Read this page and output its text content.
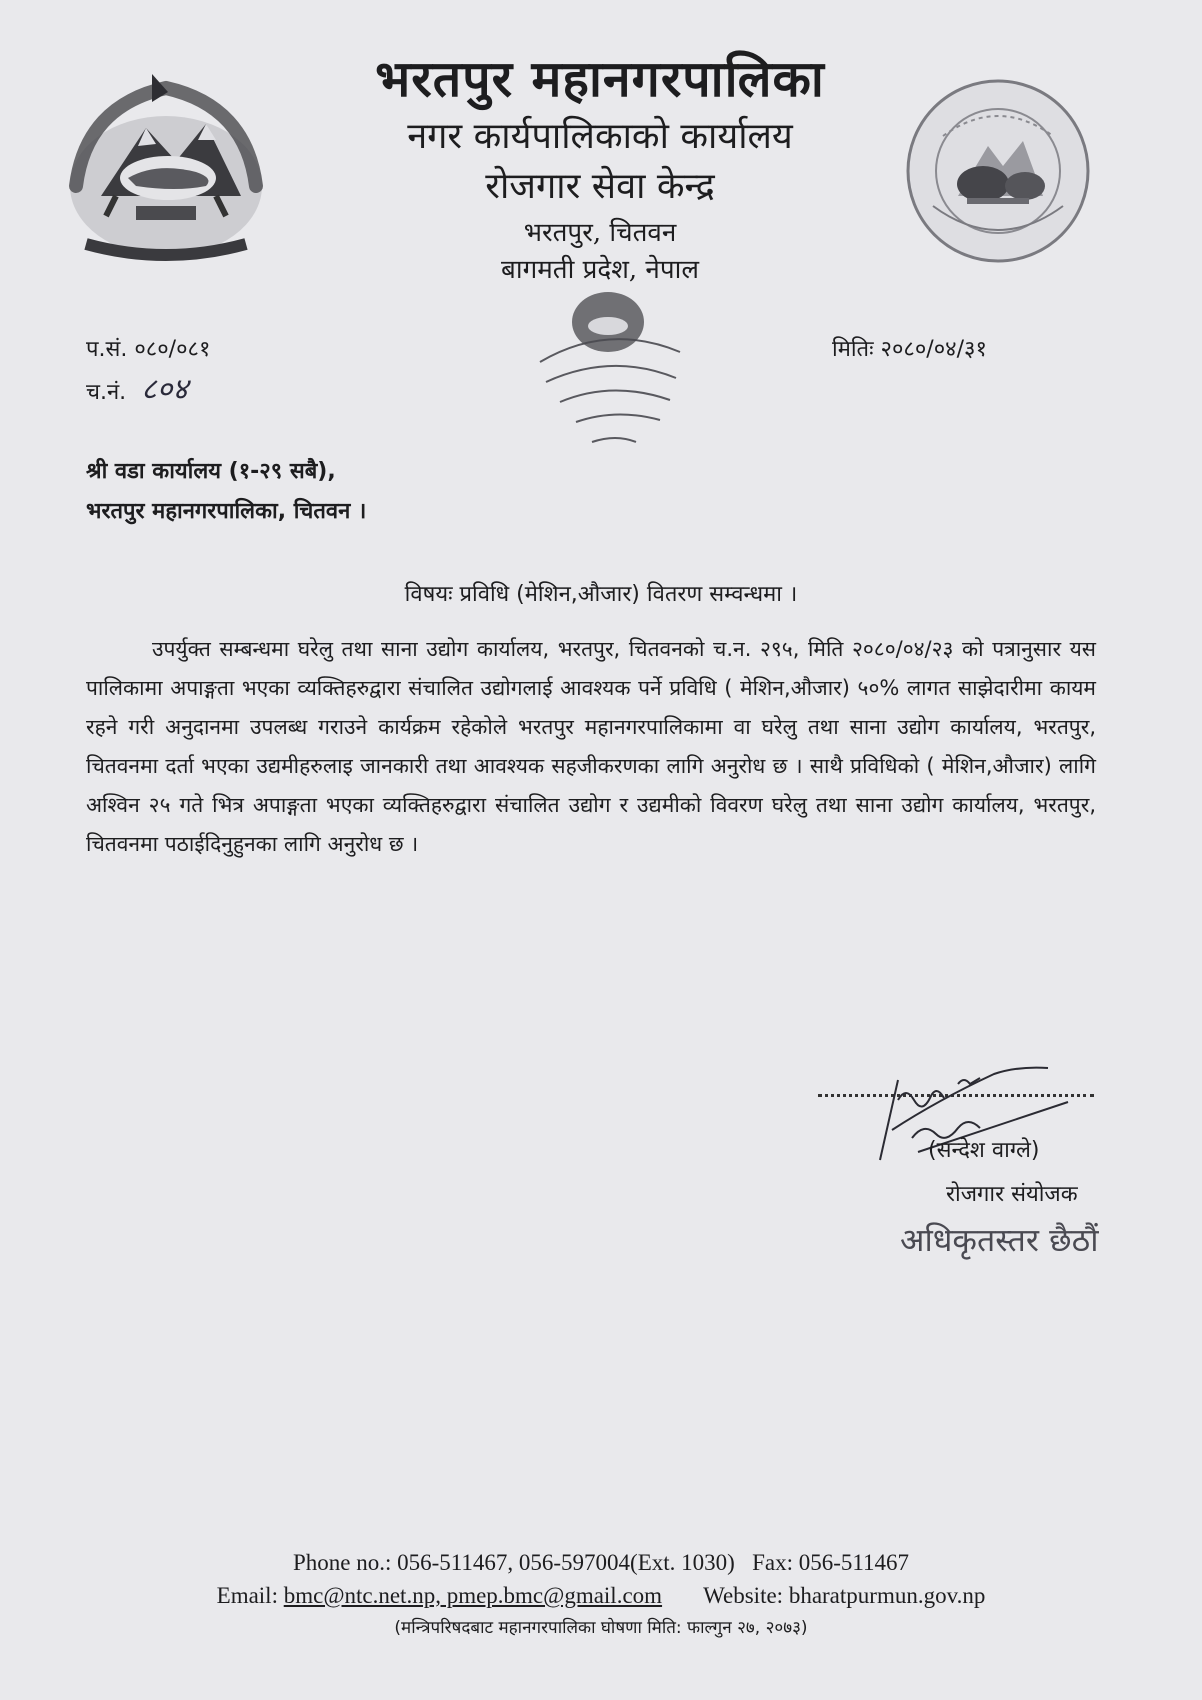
भरतपुर महानगरपालिका
नगर कार्यपालिकाको कार्यालय
रोजगार सेवा केन्द्र
भरतपुर, चितवन
बागमती प्रदेश, नेपाल
प.सं. ०८०/०८१
च.नं. ८०४
मितिः २०८०/०४/३१
श्री वडा कार्यालय (१-२९ सबै),
भरतपुर महानगरपालिका, चितवन ।
विषयः प्रविधि (मेशिन,औजार) वितरण सम्वन्धमा ।

उपर्युक्त सम्बन्धमा घरेलु तथा साना उद्योग कार्यालय, भरतपुर, चितवनको च.न. २९५, मिति २०८०/०४/२३ को पत्रानुसार यस पालिकामा अपाङ्गता भएका व्यक्तिहरुद्वारा संचालित उद्योगलाई आवश्यक पर्ने प्रविधि ( मेशिन,औजार) ५०% लागत साझेदारीमा कायम रहने गरी अनुदानमा उपलब्ध गराउने कार्यक्रम रहेकोले भरतपुर महानगरपालिकामा वा घरेलु तथा साना उद्योग कार्यालय, भरतपुर, चितवनमा दर्ता भएका उद्यमीहरुलाइ जानकारी तथा आवश्यक सहजीकरणका लागि अनुरोध छ । साथै प्रविधिको ( मेशिन,औजार) लागि अश्विन २५ गते भित्र अपाङ्गता भएका व्यक्तिहरुद्वारा संचालित उद्योग र उद्यमीको विवरण घरेलु तथा साना उद्योग कार्यालय, भरतपुर, चितवनमा पठाईदिनुहुनका लागि अनुरोध छ ।

(सन्देश वाग्ले)
रोजगार संयोजक
अधिकृतस्तर छैठौं
Phone no.: 056-511467, 056-597004(Ext. 1030) Fax: 056-511467
Email: bmc@ntc.net.np, pmep.bmc@gmail.com Website: bharatpurmun.gov.np
(मन्त्रिपरिषदबाट महानगरपालिका घोषणा मिति: फाल्गुन २७, २०७३)
